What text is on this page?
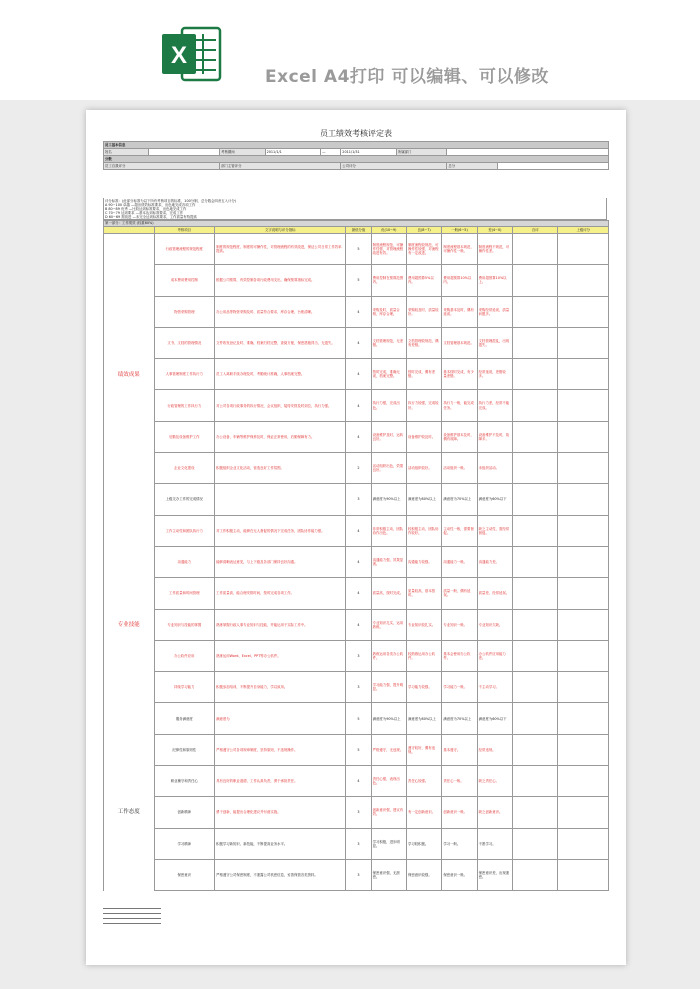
X
Excel A4打印 可以编辑、可以修改
员工绩效考核评定表
员工基本信息								
姓名		考核期间	2011/1/1	—	2011/1/31	所属部门		
分数								
员工自我评分		部门主管评分			公司评分		总分	
评分标准：(此部分标准为以下所有考核项目的标准，100分制，总分数会四舍五入计分)
A 90~100 卓越 —超出绩效标准要求，出色地完成各项工作
B 80~89 优秀 —比较达到标准要求，出色地完成工作
C 70~79 达到要求 —基本达到标准要求，完成工作
D 60~69 需改进 —未完全达到标准要求，工作质量有待提高
第一部分：工作绩效 (权重60%)									
	考核项目	文字说明与评分指标	最低分值	优(10~9)	良(8~7)	一般(6~5)	差(4~0)	自评	上级评分
绩效成果	行政管理流程的规范程度	制度的规范程度、制度的可操作性，对管理流程的有效改进，保证公司日常工作效率提高。	5	制度流程规范，可操作性强，对管理流程改进有效。	制度流程较规范，可操作性较强，对流程有一定改进。	制度流程基本规范，可操作性一般。	制度流程不规范，可操作性差。		
	成本费用费用控制	根据公司预算，有效控制各项行政费用支出，确保预算指标完成。	5	费用控制在预算范围内。	费用超预算5%以内。	费用超预算10%以内。	费用超预算10%以上。		
	物资采购管理	办公用品等物资采购及时、质量符合要求，库存合理，台账清晰。	4	采购及时，质量合格，库存合理。	采购较及时，质量较好。	采购基本及时，偶有延误。	采购经常延误，质量问题多。		
	文书、文档的管理情况	文件收发登记及时、准确，档案归档完整，查阅方便，保密措施得当，无遗失。	4	文档管理规范，无差错。	文档管理较规范，偶有差错。	文档管理基本规范。	文档管理混乱，出现遗失。		
	人事管理制度工作执行力	员工入离职手续办理及时，考勤统计准确，人事档案完整。	4	按时完成，准确无误，档案完整。	按时完成，偶有差错。	基本按时完成，有少量差错。	经常延误，差错较多。		
	行政管理的工作执行力	对公司各项行政事务的执行情况，会议组织、接待安排及时到位，执行力强。	4	执行力强，完成出色。	执行力较强，完成较好。	执行力一般，能完成任务。	执行力差，经常不能完成。		
	后勤及设备维护工作	办公设备、车辆等维护保养及时，保证正常使用，后勤保障有力。	4	设备维护及时，运转良好。	设备维护较及时。	设备维护基本及时，偶有故障。	设备维护不及时，故障多。		
	企业文化建设	积极组织企业文化活动，营造良好工作氛围。	2	活动组织出色，效果良好。	活动组织较好。	活动组织一般。	未组织活动。		
	上级交办工作的完成情况		3	满意度为90%以上	满意度为80%以上	满意度为70%以上	满意度为60%以下		
专业技能	工作主动性和团队执行力	对工作积极主动，能够在无人督促的情况下完成任务，团队协作能力强。	4	非常积极主动，团队协作出色。	较积极主动，团队协作较好。	主动性一般，需要督促。	缺乏主动性，需经常督促。		
	沟通能力	能够清晰表达意见，与上下级及各部门保持良好沟通。	4	沟通能力强，效果显著。	沟通能力较强。	沟通能力一般。	沟通能力差。		
	工作质量和时间管理	工作质量高，能合理安排时间，按时完成各项工作。	4	质量高，按时完成。	质量较高，基本按时。	质量一般，偶有延误。	质量差，经常延误。		
	专业知识与技能的掌握	熟练掌握行政人事专业知识与技能，并能运用于实际工作中。	4	专业知识扎实，运用熟练。	专业知识较扎实。	专业知识一般。	专业知识欠缺。		
	办公软件应用	熟练运用Word、Excel、PPT等办公软件。	3	熟练运用各类办公软件。	较熟练运用办公软件。	基本会使用办公软件。	办公软件应用能力差。		
	持续学习能力	积极参加培训，不断提升自身能力，学以致用。	3	学习能力强，提升明显。	学习能力较强。	学习能力一般。	不主动学习。		
	服务满意度	满意度为	5	满意度为90%以上	满意度为80%以上	满意度为70%以上	满意度为60%以下		
工作态度	纪律性和原则性	严格遵守公司各项规章制度，坚持原则，不违规操作。	5	严格遵守，无违规。	遵守较好，偶有违规。	基本遵守。	经常违规。		
	职业操守和责任心	具有良好的职业道德，工作认真负责，勇于承担责任。	4	责任心强，表现出色。	责任心较强。	责任心一般。	缺乏责任心。		
	创新精神	勇于创新，能提出合理化建议并付诸实施。	3	创新意识强，建议有效。	有一定创新意识。	创新意识一般。	缺乏创新意识。		
	学习精神	积极学习新知识、新技能，不断提高业务水平。	3	学习积极，进步明显。	学习较积极。	学习一般。	不愿学习。		
	保密意识	严格遵守公司保密制度，不泄露公司机密信息，妥善保管各类资料。	3	保密意识强，无泄密。	保密意识较强。	保密意识一般。	保密意识差，出现泄密。		
